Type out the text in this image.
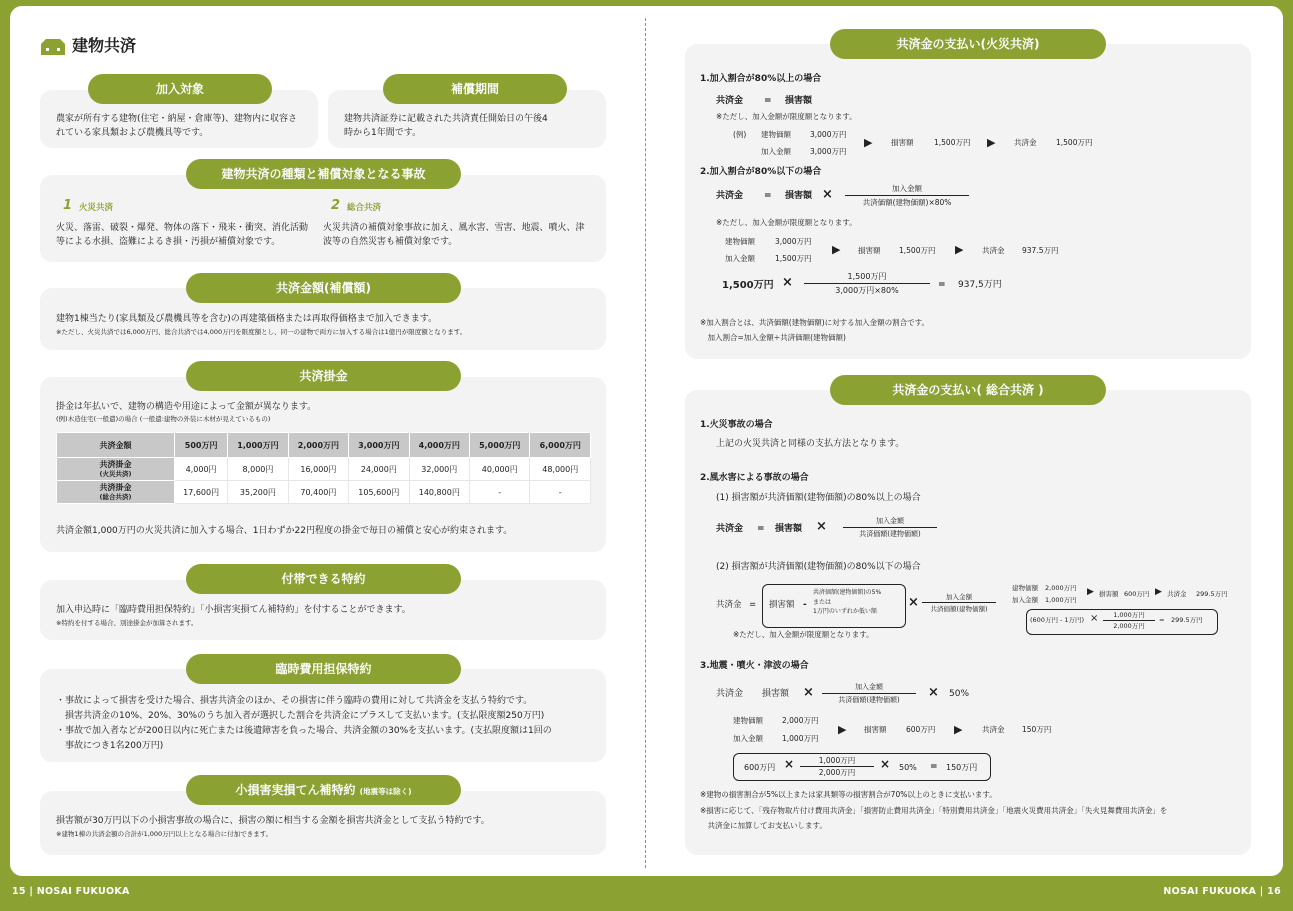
建物共済
加入対象
農家が所有する建物(住宅・納屋・倉庫等)、建物内に収容さ
れている家具類および農機具等です。
補償期間
建物共済証券に記載された共済責任開始日の午後4
時から1年間です。
建物共済の種類と補償対象となる事故
1 火災共済
火災、落雷、破裂・爆発、物体の落下・飛来・衝突、消化活動
等による水損、盗難によるき損・汚損が補償対象です。
2 総合共済
火災共済の補償対象事故に加え、風水害、雪害、地震、噴火、津
波等の自然災害も補償対象です。
共済金額(補償額)
建物1棟当たり(家具類及び農機具等を含む)の再建築価格または再取得価格まで加入できます。
※ただし、火災共済では6,000万円、総合共済では4,000万円を限度額とし、同一の建物で両方に加入する場合は1億円が限度額となります。
共済掛金
掛金は年払いで、建物の構造や用途によって金額が異なります。
(例)木造住宅(一般遣)の場合 (一般遣:建物の外装に木材が見えているもの)
共済金額	500万円	1,000万円	2,000万円	3,000万円	4,000万円	5,000万円	6,000万円
共済掛金
(火災共済)	4,000円	8,000円	16,000円	24,000円	32,000円	40,000円	48,000円
共済掛金
(総合共済)	17,600円	35,200円	70,400円	105,600円	140,800円	-	-
共済金額1,000万円の火災共済に加入する場合、1日わずか22円程度の掛金で毎日の補償と安心が約束されます。
付帯できる特約
加入申込時に「臨時費用担保特約」「小損害実損てん補特約」を付することができます。
※特約を付する場合、別途掛金が加算されます。
臨時費用担保特約
・事故によって損害を受けた場合、損害共済金のほか、その損害に伴う臨時の費用に対して共済金を支払う特約です。
　損害共済金の10%、20%、30%のうち加入者が選択した割合を共済金にプラスして支払います。(支払限度額250万円)
・事故で加入者などが200日以内に死亡または後遺障害を負った場合、共済金額の30%を支払います。(支払限度額は1回の
　事故につき1名200万円)
小損害実損てん補特約 (地震等は除く)
損害額が30万円以下の小損害事故の場合に、損害の額に相当する金額を損害共済金として支払う特約です。
※建物1棟の共済金額の合計が1,000万円以上となる場合に付加できます。
共済金の支払い(火災共済)
1.加入割合が80%以上の場合
共済金 = 損害額
※ただし、加入金額が限度額となります。
(例) 建物価額	3,000万円
加入金額	3,000万円
▶ 損害額	1,500万円 ▶ 共済金	1,500万円
2.加入割合が80%以下の場合
共済金 = 損害額 ×	加入金額
共済価額(建物価額)×80%
※ただし、加入金額が限度額となります。
建物価額	3,000万円
加入金額	1,500万円
▶ 損害額 1,500万円 ▶ 共済金 937.5万円
1,500万円 ×	1,500万円
3,000万円×80%
= 937,5万円
※加入割合とは、共済価額(建物価額)に対する加入金額の割合です。
　加入割合=加入金額÷共済価額(建物価額)
共済金の支払い( 総合共済 )
1.火災事故の場合
上記の火災共済と同様の支払方法となります。
2.風水害による事故の場合
(1) 損害額が共済価額(建物価額)の80%以上の場合
共済金 = 損害額 ×	加入金額
共済価額(建物価額)
(2) 損害額が共済価額(建物価額)の80%以下の場合
共済金 = 損害額 -
共済価額(建物価額)の5%
または
1万円のいずれか低い額
×	加入金額
共済価額(建物価額)
建物価額 2,000万円
加入金額 1,000万円
▶ 損害額 600万円 ▶ 共済金 299.5万円
(600万円 - 1万円) ×	1,000万円
2,000万円
= 299.5万円
※ただし、加入金額が限度額となります。
3.地震・噴火・津波の場合
共済金 損害額 ×	加入金額
共済価額(建物価額)	× 50%
建物価額	2,000万円
加入金額	1,000万円
▶ 損害額	600万円 ▶	共済金 150万円
600万円 ×	1,000万円
2,000万円
× 50% = 150万円
※建物の損害割合が5%以上または家具類等の損害割合が70%以上のときに支払います。
※損害に応じて、「残存物取片付け費用共済金」「損害防止費用共済金」「特別費用共済金」「地震火災費用共済金」「失火見舞費用共済金」を
　共済金に加算してお支払いします。
15 | NOSAI FUKUOKA	NOSAI FUKUOKA | 16
